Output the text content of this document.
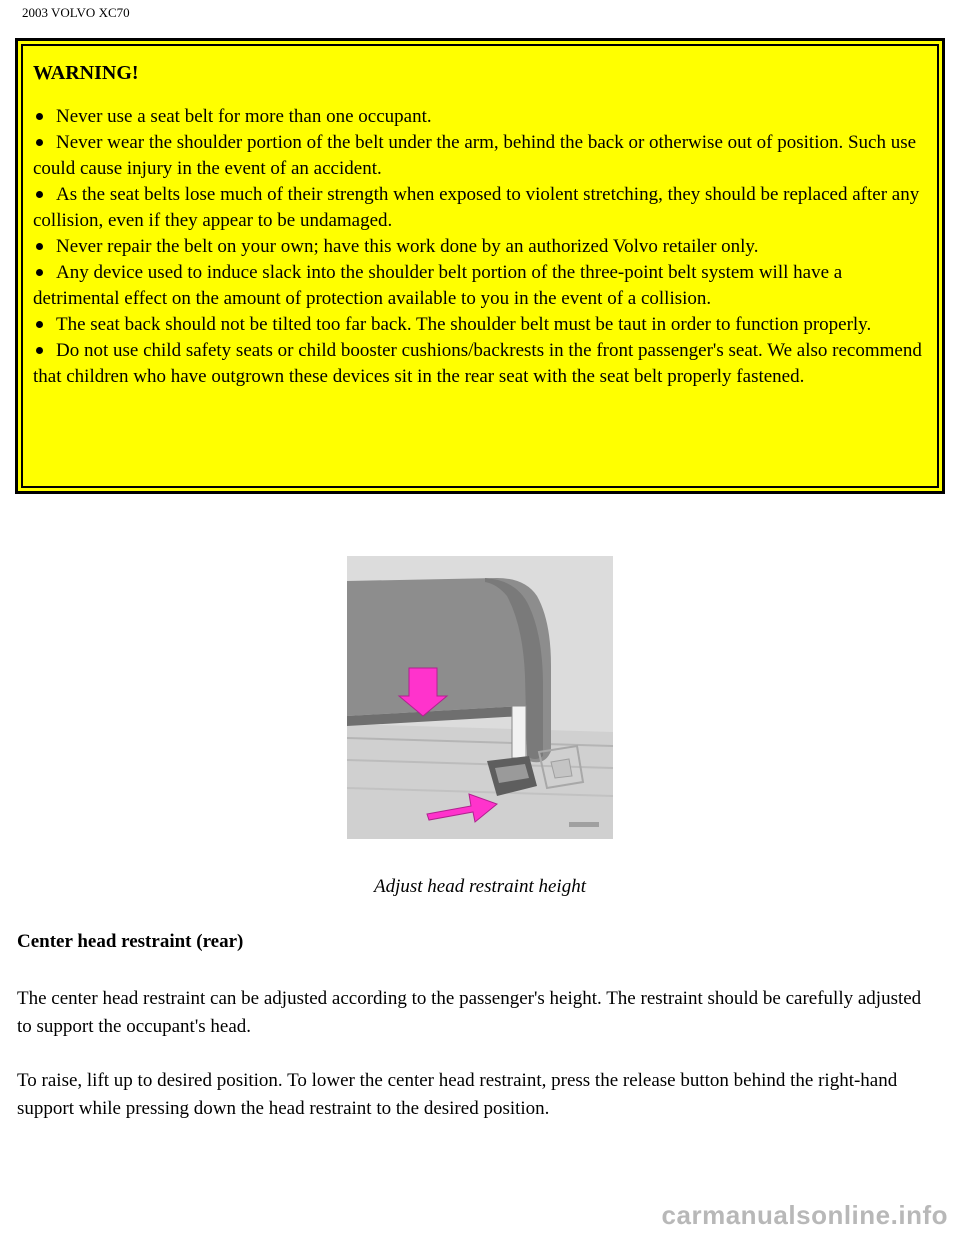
2003 VOLVO XC70
WARNING!
Never use a seat belt for more than one occupant.
Never wear the shoulder portion of the belt under the arm, behind the back or otherwise out of position. Such use could cause injury in the event of an accident.
As the seat belts lose much of their strength when exposed to violent stretching, they should be replaced after any collision, even if they appear to be undamaged.
Never repair the belt on your own; have this work done by an authorized Volvo retailer only.
Any device used to induce slack into the shoulder belt portion of the three-point belt system will have a detrimental effect on the amount of protection available to you in the event of a collision.
The seat back should not be tilted too far back. The shoulder belt must be taut in order to function properly.
Do not use child safety seats or child booster cushions/backrests in the front passenger's seat. We also recommend that children who have outgrown these devices sit in the rear seat with the seat belt properly fastened.
Adjust head restraint height
Center head restraint (rear)

The center head restraint can be adjusted according to the passenger's height. The restraint should be carefully adjusted to support the occupant's head.

To raise, lift up to desired position. To lower the center head restraint, press the release button behind the right-hand support while pressing down the head restraint to the desired position.

carmanualsonline.info
